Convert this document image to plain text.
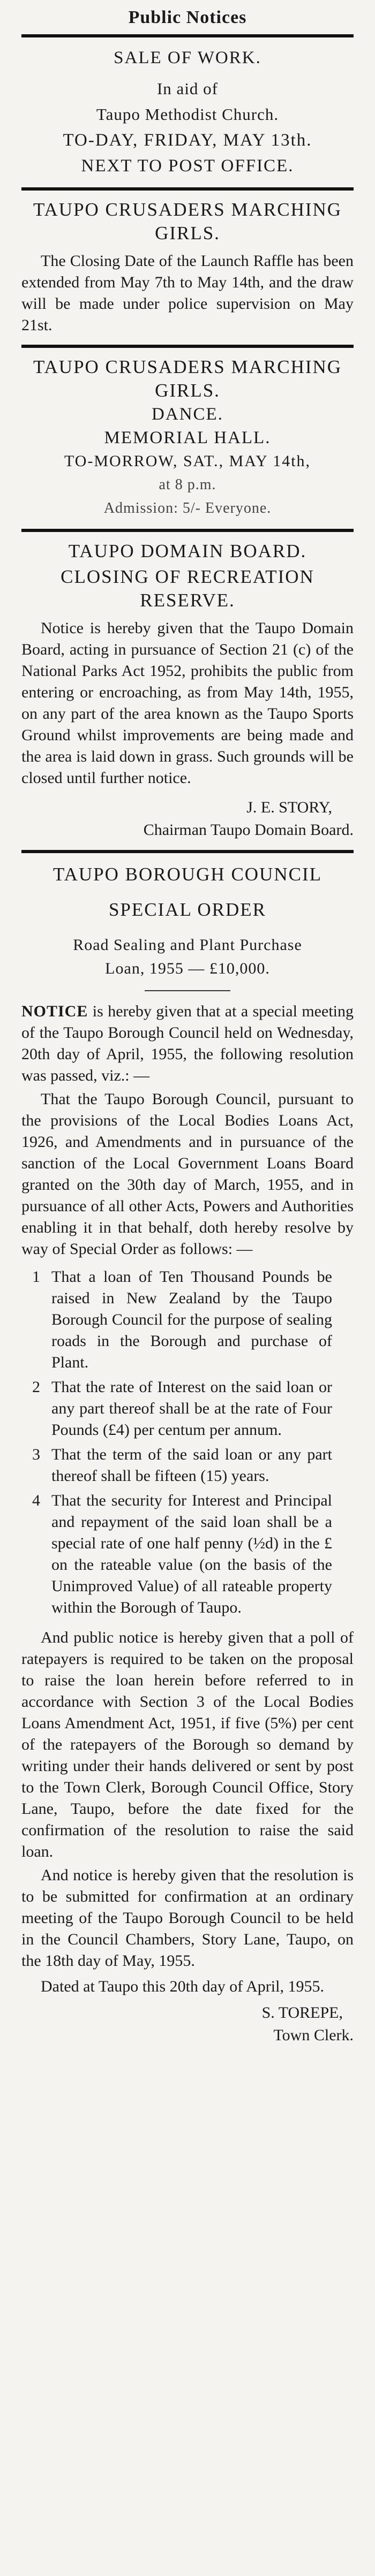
Public Notices
SALE OF WORK.
In aid of
Taupo Methodist Church.
TO-DAY, FRIDAY, MAY 13th.
NEXT TO POST OFFICE.
TAUPO CRUSADERS MARCHING GIRLS.

The Closing Date of the Launch Raffle has been extended from May 7th to May 14th, and the draw will be made under police supervision on May 21st.

TAUPO CRUSADERS MARCHING GIRLS.
DANCE.
MEMORIAL HALL.
TO-MORROW, SAT., MAY 14th,
at 8 p.m.
Admission: 5/- Everyone.
TAUPO DOMAIN BOARD.
CLOSING OF RECREATION RESERVE.

Notice is hereby given that the Taupo Domain Board, acting in pursuance of Section 21 (c) of the National Parks Act 1952, prohibits the public from entering or encroaching, as from May 14th, 1955, on any part of the area known as the Taupo Sports Ground whilst improvements are being made and the area is laid down in grass. Such grounds will be closed until further notice.

J. E. STORY,
Chairman Taupo Domain Board.
TAUPO BOROUGH COUNCIL
SPECIAL ORDER
Road Sealing and Plant Purchase
Loan, 1955 — £10,000.

NOTICE is hereby given that at a special meeting of the Taupo Borough Council held on Wednesday, 20th day of April, 1955, the following resolution was passed, viz.: —

That the Taupo Borough Council, pursuant to the provisions of the Local Bodies Loans Act, 1926, and Amendments and in pursuance of the sanction of the Local Government Loans Board granted on the 30th day of March, 1955, and in pursuance of all other Acts, Powers and Authorities enabling it in that behalf, doth hereby resolve by way of Special Order as follows: —

1 That a loan of Ten Thousand Pounds be raised in New Zealand by the Taupo Borough Council for the purpose of sealing roads in the Borough and purchase of Plant.
2 That the rate of Interest on the said loan or any part thereof shall be at the rate of Four Pounds (£4) per centum per annum.
3 That the term of the said loan or any part thereof shall be fifteen (15) years.
4 That the security for Interest and Principal and repayment of the said loan shall be a special rate of one half penny (½d) in the £ on the rateable value (on the basis of the Unimproved Value) of all rateable property within the Borough of Taupo.

And public notice is hereby given that a poll of ratepayers is required to be taken on the proposal to raise the loan herein before referred to in accordance with Section 3 of the Local Bodies Loans Amendment Act, 1951, if five (5%) per cent of the ratepayers of the Borough so demand by writing under their hands delivered or sent by post to the Town Clerk, Borough Council Office, Story Lane, Taupo, before the date fixed for the confirmation of the resolution to raise the said loan.

And notice is hereby given that the resolution is to be submitted for confirmation at an ordinary meeting of the Taupo Borough Council to be held in the Council Chambers, Story Lane, Taupo, on the 18th day of May, 1955.

Dated at Taupo this 20th day of April, 1955.

S. TOREPE,
Town Clerk.
